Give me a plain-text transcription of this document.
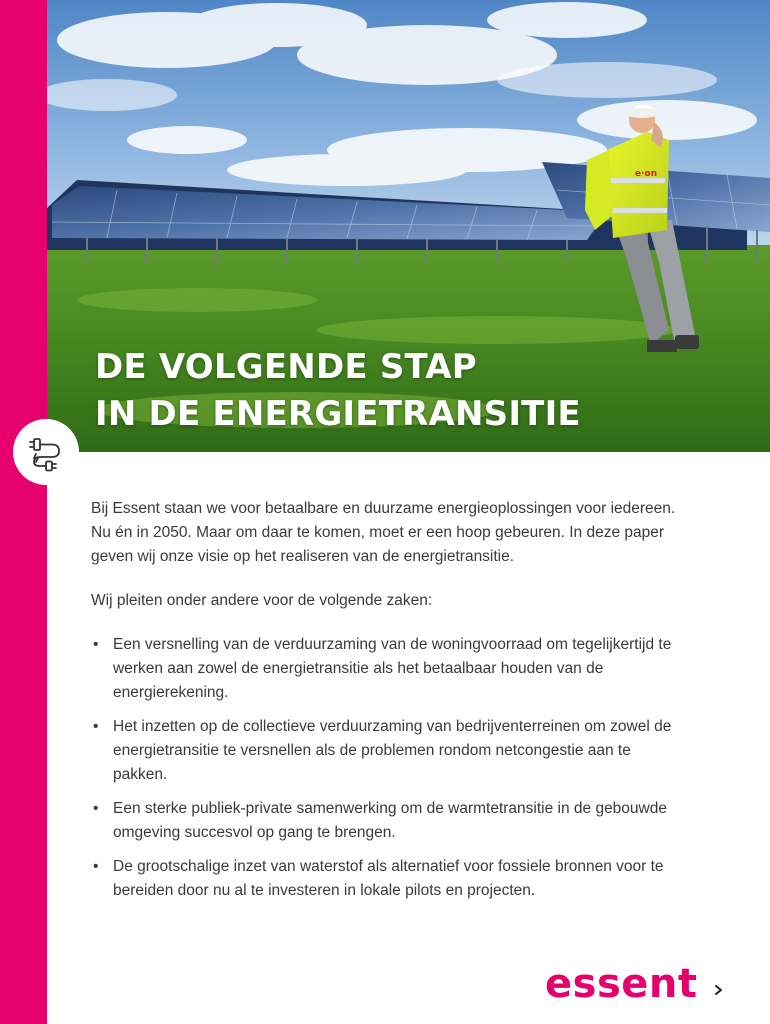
e·on
DE VOLGENDE STAP
IN DE ENERGIETRANSITIE

Bij Essent staan we voor betaalbare en duurzame energieoplossingen voor iedereen. Nu én in 2050. Maar om daar te komen, moet er een hoop gebeuren. In deze paper geven wij onze visie op het realiseren van de energietransitie.

Wij pleiten onder andere voor de volgende zaken:

• Een versnelling van de verduurzaming van de woningvoorraad om tegelijkertijd te werken aan zowel de energietransitie als het betaalbaar houden van de energierekening.
• Het inzetten op de collectieve verduurzaming van bedrijventerreinen om zowel de energietransitie te versnellen als de problemen rondom netcongestie aan te pakken.
• Een sterke publiek-private samenwerking om de warmtetransitie in de gebouwde omgeving succesvol op gang te brengen.
• De grootschalige inzet van waterstof als alternatief voor fossiele bronnen voor te bereiden door nu al te investeren in lokale pilots en projecten.
essent
